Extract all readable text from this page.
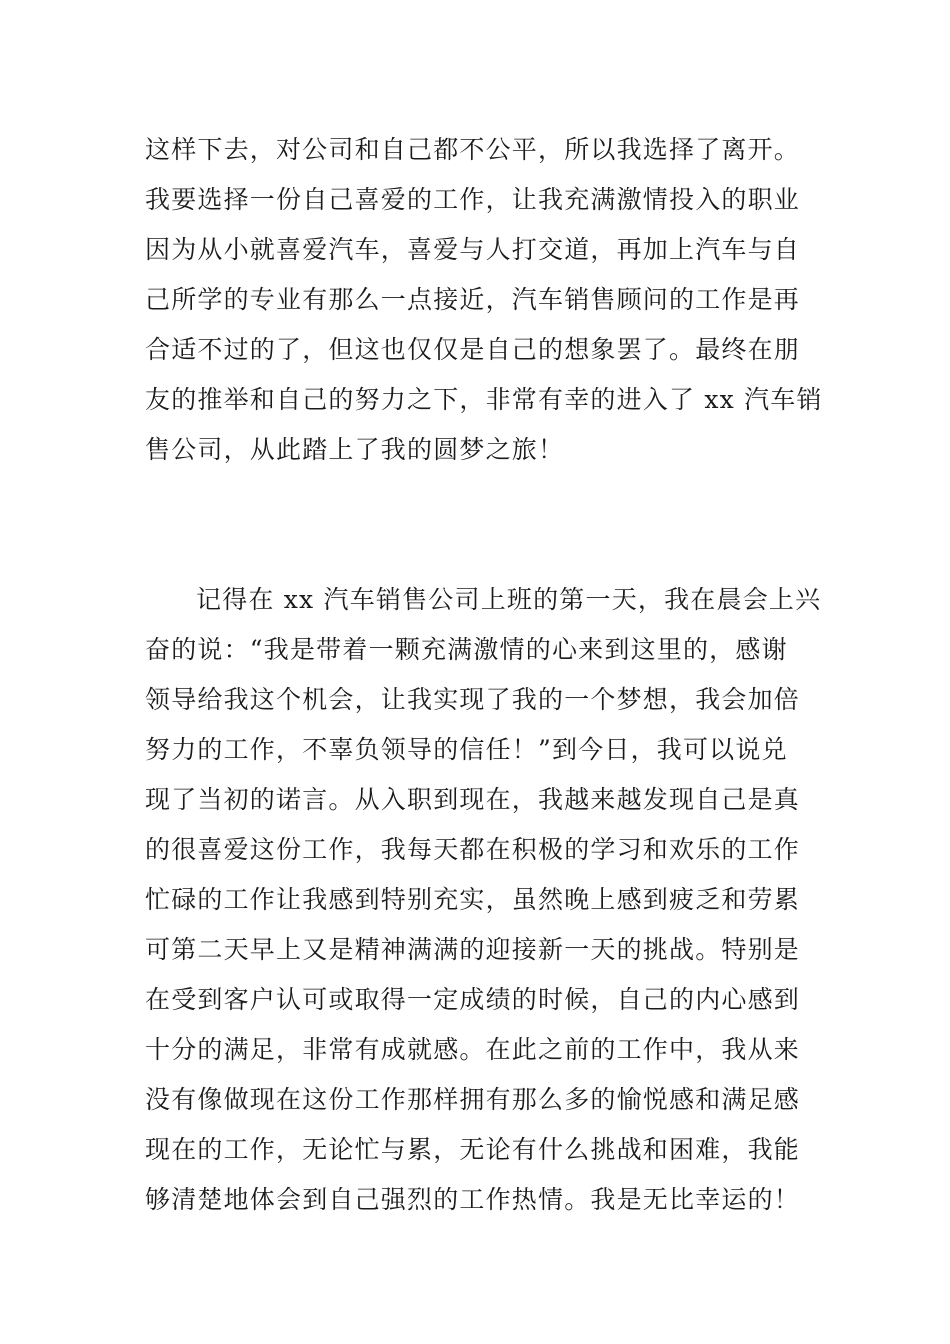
这样下去，对公司和自己都不公平，所以我选择了离开。
我要选择一份自己喜爱的工作，让我充满激情投入的职业
因为从小就喜爱汽车，喜爱与人打交道，再加上汽车与自
己所学的专业有那么一点接近，汽车销售顾问的工作是再
合适不过的了，但这也仅仅是自己的想象罢了。最终在朋
友的推举和自己的努力之下，非常有幸的进入了 xx 汽车销
售公司，从此踏上了我的圆梦之旅！
记得在 xx 汽车销售公司上班的第一天，我在晨会上兴
奋的说：“我是带着一颗充满激情的心来到这里的，感谢
领导给我这个机会，让我实现了我的一个梦想，我会加倍
努力的工作，不辜负领导的信任！”到今日，我可以说兑
现了当初的诺言。从入职到现在，我越来越发现自己是真
的很喜爱这份工作，我每天都在积极的学习和欢乐的工作
忙碌的工作让我感到特别充实，虽然晚上感到疲乏和劳累
可第二天早上又是精神满满的迎接新一天的挑战。特别是
在受到客户认可或取得一定成绩的时候，自己的内心感到
十分的满足，非常有成就感。在此之前的工作中，我从来
没有像做现在这份工作那样拥有那么多的愉悦感和满足感
现在的工作，无论忙与累，无论有什么挑战和困难，我能
够清楚地体会到自己强烈的工作热情。我是无比幸运的！
